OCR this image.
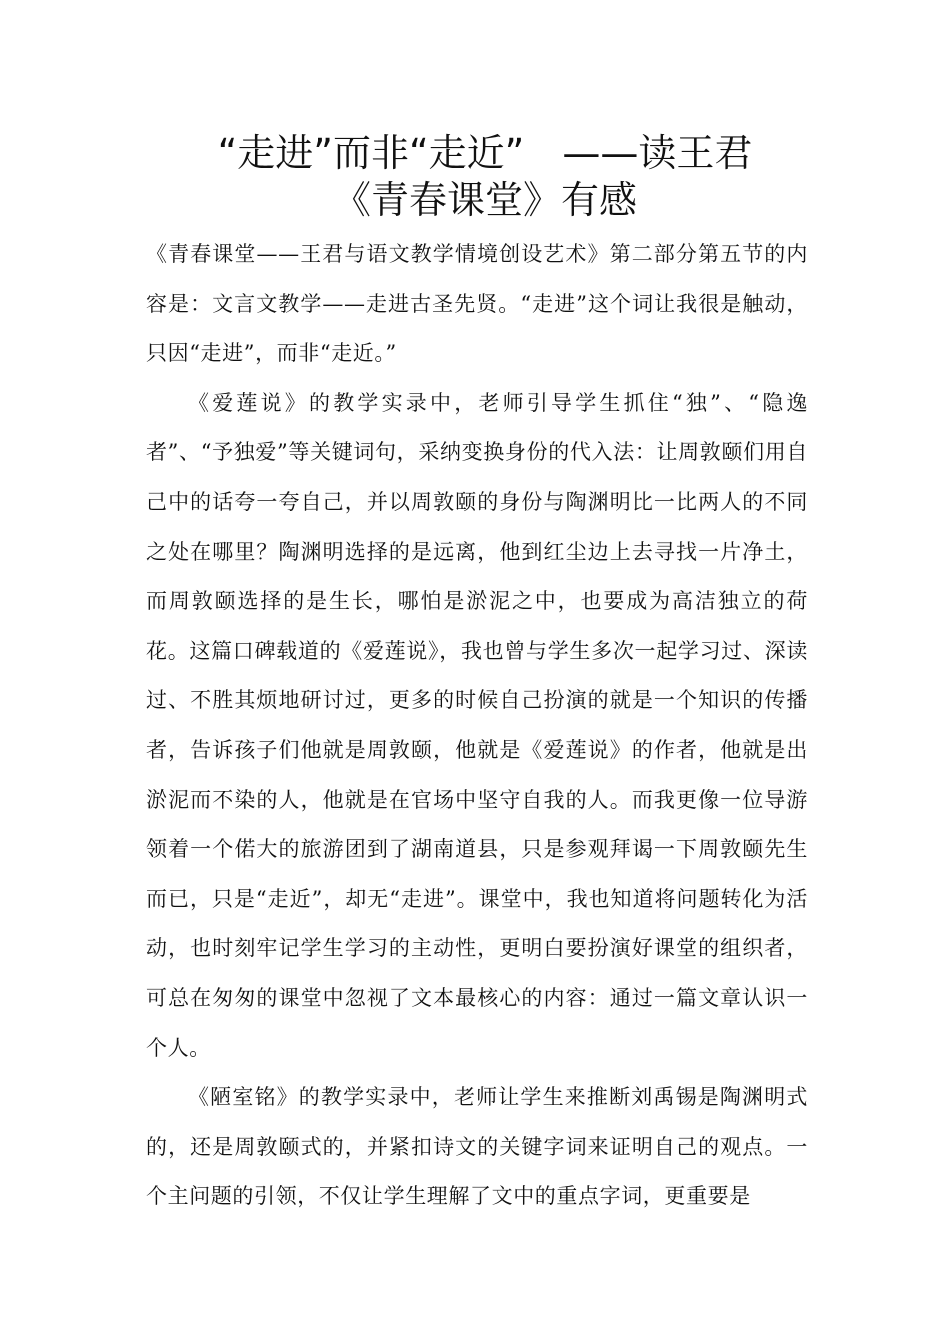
“走进”而非“走近”　——读王君
《青春课堂》有感

《青春课堂——王君与语文教学情境创设艺术》第二部分第五节的内容是：文言文教学——走进古圣先贤。“走进”这个词让我很是触动，只因“走进”，而非“走近。”

《爱莲说》的教学实录中，老师引导学生抓住“独”、“隐逸者”、“予独爱”等关键词句，采纳变换身份的代入法：让周敦颐们用自己中的话夸一夸自己，并以周敦颐的身份与陶渊明比一比两人的不同之处在哪里？陶渊明选择的是远离，他到红尘边上去寻找一片净土，而周敦颐选择的是生长，哪怕是淤泥之中，也要成为高洁独立的荷花。这篇口碑载道的《爱莲说》，我也曾与学生多次一起学习过、深读过、不胜其烦地研讨过，更多的时候自己扮演的就是一个知识的传播者，告诉孩子们他就是周敦颐，他就是《爱莲说》的作者，他就是出淤泥而不染的人，他就是在官场中坚守自我的人。而我更像一位导游领着一个偌大的旅游团到了湖南道县，只是参观拜谒一下周敦颐先生而已，只是“走近”，却无“走进”。课堂中，我也知道将问题转化为活动，也时刻牢记学生学习的主动性，更明白要扮演好课堂的组织者，可总在匆匆的课堂中忽视了文本最核心的内容：通过一篇文章认识一个人。

《陋室铭》的教学实录中，老师让学生来推断刘禹锡是陶渊明式的，还是周敦颐式的，并紧扣诗文的关键字词来证明自己的观点。一个主问题的引领，不仅让学生理解了文中的重点字词，更重要是
